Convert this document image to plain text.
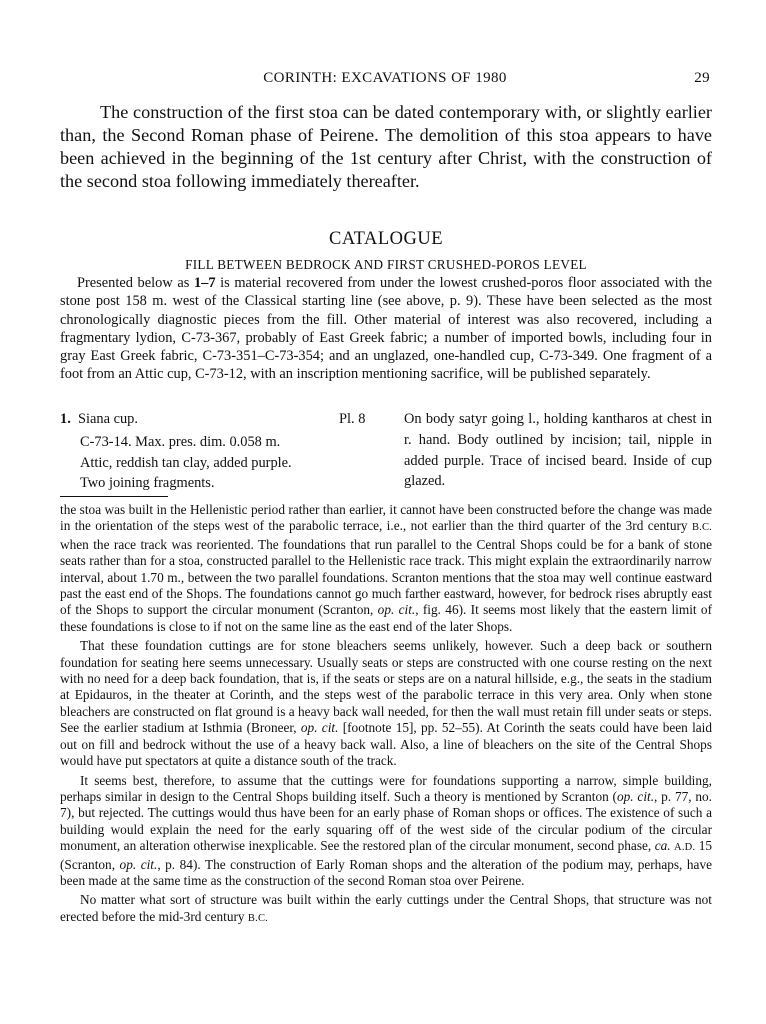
CORINTH: EXCAVATIONS OF 1980	29

The construction of the first stoa can be dated contemporary with, or slightly earlier than, the Second Roman phase of Peirene. The demolition of this stoa appears to have been achieved in the beginning of the 1st century after Christ, with the construction of the second stoa following immediately thereafter.

CATALOGUE
FILL BETWEEN BEDROCK AND FIRST CRUSHED-POROS LEVEL

Presented below as 1–7 is material recovered from under the lowest crushed-poros floor associated with the stone post 158 m. west of the Classical starting line (see above, p. 9). These have been selected as the most chronologically diagnostic pieces from the fill. Other material of interest was also recovered, including a fragmentary lydion, C-73-367, probably of East Greek fabric; a number of imported bowls, including four in gray East Greek fabric, C-73-351–C-73-354; and an unglazed, one-handled cup, C-73-349. One fragment of a foot from an Attic cup, C-73-12, with an inscription mentioning sacrifice, will be published separately.

1. Siana cup.
C-73-14. Max. pres. dim. 0.058 m.
Attic, reddish tan clay, added purple.
Two joining fragments.
Pl. 8	On body satyr going l., holding kantharos at chest in r. hand. Body outlined by incision; tail, nipple in added purple. Trace of incised beard. Inside of cup glazed.

the stoa was built in the Hellenistic period rather than earlier, it cannot have been constructed before the change was made in the orientation of the steps west of the parabolic terrace, i.e., not earlier than the third quarter of the 3rd century B.C. when the race track was reoriented. The foundations that run parallel to the Central Shops could be for a bank of stone seats rather than for a stoa, constructed parallel to the Hellenistic race track. This might explain the extraordinarily narrow interval, about 1.70 m., between the two parallel foundations. Scranton mentions that the stoa may well continue eastward past the east end of the Shops. The foundations cannot go much farther eastward, however, for bedrock rises abruptly east of the Shops to support the circular monument (Scranton, op. cit., fig. 46). It seems most likely that the eastern limit of these foundations is close to if not on the same line as the east end of the later Shops.

That these foundation cuttings are for stone bleachers seems unlikely, however. Such a deep back or southern foundation for seating here seems unnecessary. Usually seats or steps are constructed with one course resting on the next with no need for a deep back foundation, that is, if the seats or steps are on a natural hillside, e.g., the seats in the stadium at Epidauros, in the theater at Corinth, and the steps west of the parabolic terrace in this very area. Only when stone bleachers are constructed on flat ground is a heavy back wall needed, for then the wall must retain fill under seats or steps. See the earlier stadium at Isthmia (Broneer, op. cit. [footnote 15], pp. 52–55). At Corinth the seats could have been laid out on fill and bedrock without the use of a heavy back wall. Also, a line of bleachers on the site of the Central Shops would have put spectators at quite a distance south of the track.

It seems best, therefore, to assume that the cuttings were for foundations supporting a narrow, simple building, perhaps similar in design to the Central Shops building itself. Such a theory is mentioned by Scranton (op. cit., p. 77, no. 7), but rejected. The cuttings would thus have been for an early phase of Roman shops or offices. The existence of such a building would explain the need for the early squaring off of the west side of the circular podium of the circular monument, an alteration otherwise inexplicable. See the restored plan of the circular monument, second phase, ca. A.D. 15 (Scranton, op. cit., p. 84). The construction of Early Roman shops and the alteration of the podium may, perhaps, have been made at the same time as the construction of the second Roman stoa over Peirene.

No matter what sort of structure was built within the early cuttings under the Central Shops, that structure was not erected before the mid-3rd century B.C.
